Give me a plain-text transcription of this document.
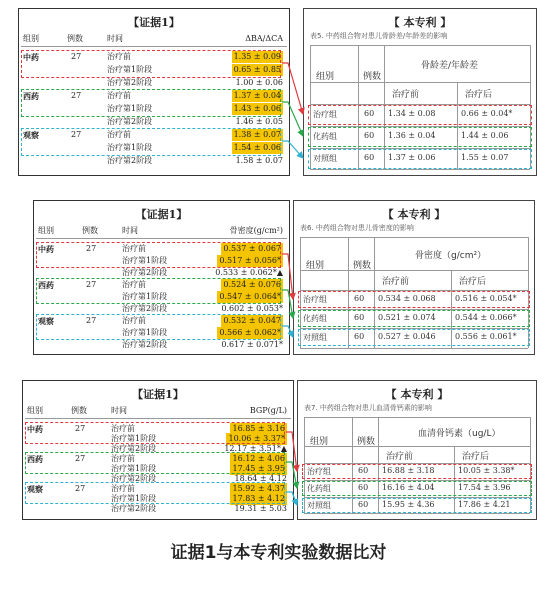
【证据1】
组别	例数	时间	ΔBA/ΔCA
中药	27	治疗前	1.35 ± 0.09
治疗第1阶段	0.65 ± 0.85
治疗第2阶段	1.00 ± 0.06
西药	27	治疗前	1.37 ± 0.04
治疗第1阶段	1.43 ± 0.06
治疗第2阶段	1.46 ± 0.05
观察	27	治疗前	1.38 ± 0.07
治疗第1阶段	1.54 ± 0.06
治疗第2阶段	1.58 ± 0.07
【 本专利 】
表5. 中药组合物对患儿骨龄差/年龄差的影响
组别	例数
骨龄差/年龄差
治疗前	治疗后
治疗组	60 1.34 ± 0.08	0.66 ± 0.04*
化药组	60 1.36 ± 0.04	1.44 ± 0.06
对照组	60 1.37 ± 0.06	1.55 ± 0.07
【证据1】
组别	例数	时间	骨密度(g/cm²)
中药	27	治疗前	0.537 ± 0.067
治疗第1阶段	0.517 ± 0.056*
治疗第2阶段	0.533 ± 0.062*▲
西药	27	治疗前	0.524 ± 0.076
治疗第1阶段	0.547 ± 0.064*
治疗第2阶段	0.602 ± 0.053*
观察	27	治疗前	0.532 ± 0.047
治疗第1阶段	0.566 ± 0.062*
治疗第2阶段	0.617 ± 0.071*
【 本专利 】
表6. 中药组合物对患儿骨密度的影响
组别	例数
骨密度（g/cm²）
治疗前	治疗后
治疗组	60 0.534 ± 0.068 0.516 ± 0.054*
化药组	60 0.521 ± 0.074 0.544 ± 0.066*
对照组	60 0.527 ± 0.046 0.556 ± 0.061*
【证据1】
组别	例数	时间	BGP(g/L)
中药	27	治疗前	16.85 ± 3.16
治疗第1阶段	10.06 ± 3.37*
治疗第2阶段	12.17 ± 3.51*▲
西药	27	治疗前	16.12 ± 4.06
治疗第1阶段	17.45 ± 3.95
治疗第2阶段	18.64 ± 4.12
观察	27	治疗前	15.92 ± 4.37
治疗第1阶段	17.83 ± 4.12
治疗第2阶段	19.31 ± 5.03
【 本专利 】
表7. 中药组合物对患儿血清骨钙素的影响
组别	例数
血清骨钙素（ug/L）
治疗前	治疗后
治疗组	60 16.88 ± 3.18	10.05 ± 3.38*
化药组	60 16.16 ± 4.04	17.54 ± 3.96
对照组	60 15.95 ± 4.36	17.86 ± 4.21
证据1与本专利实验数据比对
